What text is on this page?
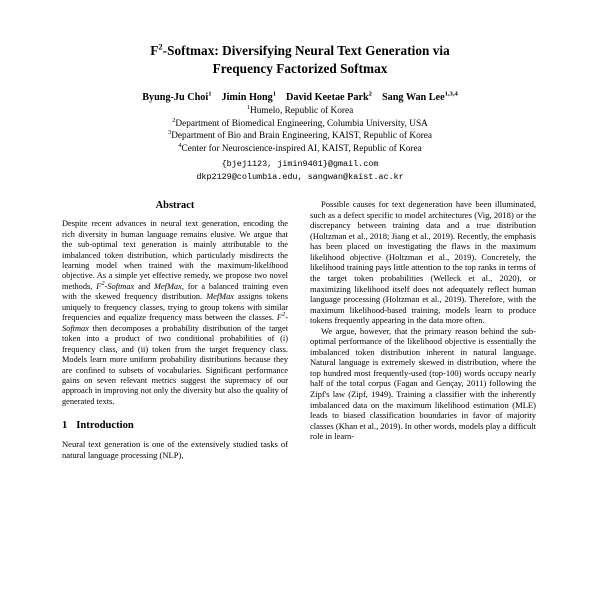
$F^2$-Softmax: Diversifying Neural Text Generation via
Frequency Factorized Softmax
Byung-Ju Choi$^1$ Jimin Hong$^1$ David Keetae Park$^2$ Sang Wan Lee$^{1,3,4}$
$^1$Humelo, Republic of Korea
$^2$Department of Biomedical Engineering, Columbia University, USA
$^3$Department of Bio and Brain Engineering, KAIST, Republic of Korea
$^4$Center for Neuroscience-inspired AI, KAIST, Republic of Korea
{bjej1123, jimin9401}@gmail.com
dkp2129@columbia.edu, sangwan@kaist.ac.kr
Abstract

Despite recent advances in neural text generation, encoding the rich diversity in human language remains elusive. We argue that the sub-optimal text generation is mainly attributable to the imbalanced token distribution, which particularly misdirects the learning model when trained with the maximum-likelihood objective. As a simple yet effective remedy, we propose two novel methods, $F^2$-Softmax and MefMax, for a balanced training even with the skewed frequency distribution. MefMax assigns tokens uniquely to frequency classes, trying to group tokens with similar frequencies and equalize frequency mass between the classes. $F^2$-Softmax then decomposes a probability distribution of the target token into a product of two conditional probabilities of (i) frequency class, and (ii) token from the target frequency class. Models learn more uniform probability distributions because they are confined to subsets of vocabularies. Significant performance gains on seven relevant metrics suggest the supremacy of our approach in improving not only the diversity but also the quality of generated texts.

1 Introduction

Neural text generation is one of the extensively studied tasks of natural language processing (NLP),

Possible causes for text degeneration have been illuminated, such as a defect specific to model architectures (Vig, 2018) or the discrepancy between training data and a true distribution (Holtzman et al., 2018; Jiang et al., 2019). Recently, the emphasis has been placed on investigating the flaws in the maximum likelihood objective (Holtzman et al., 2019). Concretely, the likelihood training pays little attention to the top ranks in terms of the target token probabilities (Welleck et al., 2020), or maximizing likelihood itself does not adequately reflect human language processing (Holtzman et al., 2019). Therefore, with the maximum likelihood-based training, models learn to produce tokens frequently appearing in the data more often.

We argue, however, that the primary reason behind the sub-optimal performance of the likelihood objective is essentially the imbalanced token distribution inherent in natural language. Natural language is extremely skewed in distribution, where the top hundred most frequently-used (top-100) words occupy nearly half of the total corpus (Fagan and Gençay, 2011) following the Zipf's law (Zipf, 1949). Training a classifier with the inherently imbalanced data on the maximum likelihood estimation (MLE) leads to biased classification boundaries in favor of majority classes (Khan et al., 2019). In other words, models play a difficult role in learn-
